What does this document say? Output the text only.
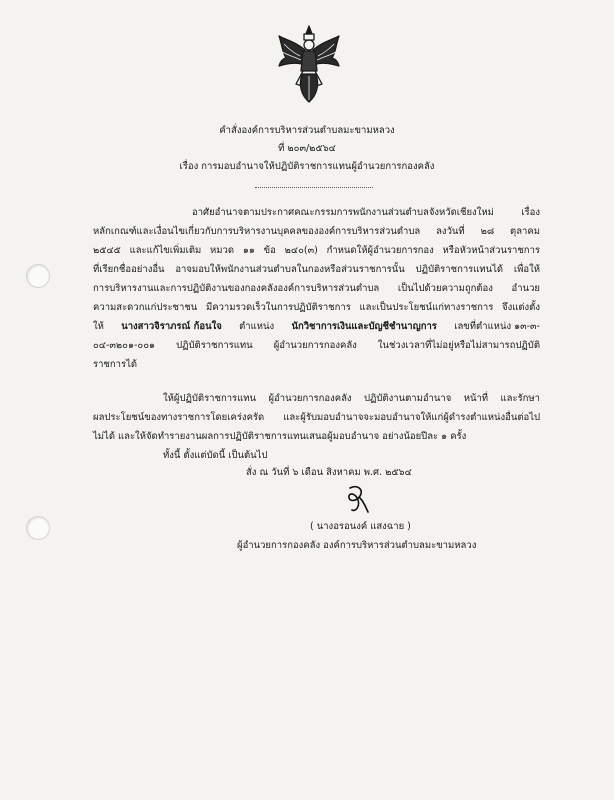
คำสั่งองค์การบริหารส่วนตำบลมะขามหลวง
ที่ ๒๐๓/๒๕๖๔
เรื่อง การมอบอำนาจให้ปฏิบัติราชการแทนผู้อำนวยการกองคลัง
อาศัยอำนาจตามประกาศคณะกรรมการพนักงานส่วนตำบลจังหวัดเชียงใหม่ เรื่อง
หลักเกณฑ์และเงื่อนไขเกี่ยวกับการบริหารงานบุคคลขององค์การบริหารส่วนตำบล ลงวันที่ ๒๘ ตุลาคม
๒๕๔๕ และแก้ไขเพิ่มเติม หมวด ๑๑ ข้อ ๒๔๐(๓) กำหนดให้ผู้อำนวยการกอง หรือหัวหน้าส่วนราชการ
ที่เรียกชื่ออย่างอื่น อาจมอบให้พนักงานส่วนตำบลในกองหรือส่วนราชการนั้น ปฏิบัติราชการแทนได้ เพื่อให้
การบริหารงานและการปฏิบัติงานของกองคลังองค์การบริหารส่วนตำบล เป็นไปด้วยความถูกต้อง อำนวย
ความสะดวกแก่ประชาชน มีความรวดเร็วในการปฏิบัติราชการ และเป็นประโยชน์แก่ทางราชการ จึงแต่งตั้ง
ให้ นางสาวจิราภรณ์ ก้อนใจ ตำแหน่ง นักวิชาการเงินและบัญชีชำนาญการ เลขที่ตำแหน่ง ๑๓-๓-
๐๔-๓๒๐๑-๐๐๑ ปฏิบัติราชการแทน ผู้อำนวยการกองคลัง ในช่วงเวลาที่ไม่อยู่หรือไม่สามารถปฏิบัติ
ราชการได้
ให้ผู้ปฏิบัติราชการแทน ผู้อำนวยการกองคลัง ปฏิบัติงานตามอำนาจ หน้าที่ และรักษา
ผลประโยชน์ของทางราชการโดยเคร่งครัด และผู้รับมอบอำนาจจะมอบอำนาจให้แก่ผู้ดำรงตำแหน่งอื่นต่อไป
ไม่ได้ และให้จัดทำรายงานผลการปฏิบัติราชการแทนเสนอผู้มอบอำนาจ อย่างน้อยปีละ ๑ ครั้ง
ทั้งนี้ ตั้งแต่บัดนี้ เป็นต้นไป
สั่ง ณ วันที่ ๖ เดือน สิงหาคม พ.ศ. ๒๕๖๔
( นางอรอนงค์ แสงฉาย )
ผู้อำนวยการกองคลัง องค์การบริหารส่วนตำบลมะขามหลวง
